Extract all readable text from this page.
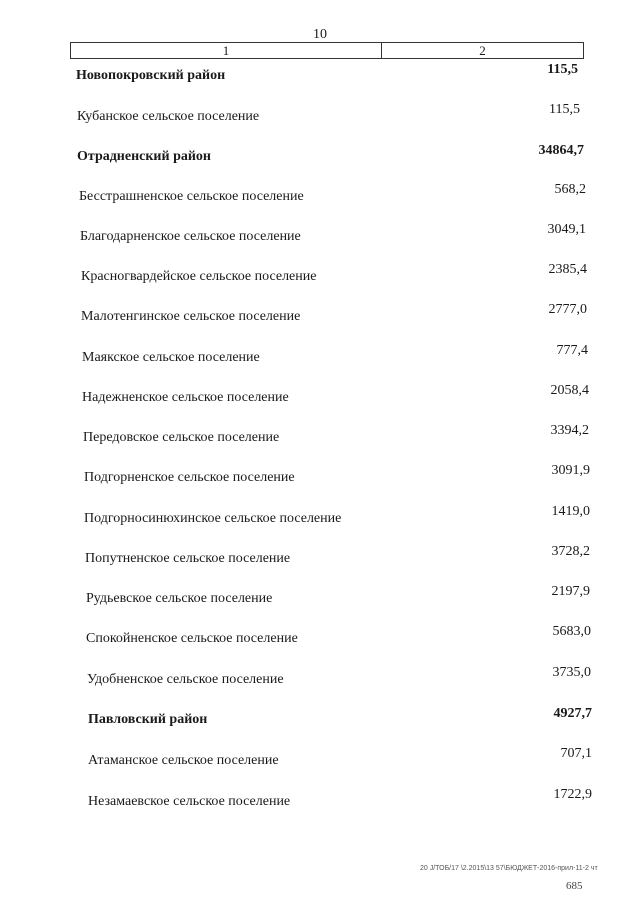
10
1	2
Новопокровский район	115,5
Кубанское сельское поселение	115,5
Отрадненский район	34864,7
Бесстрашненское сельское поселение	568,2
Благодарненское сельское поселение	3049,1
Красногвардейское сельское поселение	2385,4
Малотенгинское сельское поселение	2777,0
Маякское сельское поселение	777,4
Надежненское сельское поселение	2058,4
Передовское сельское поселение	3394,2
Подгорненское сельское поселение	3091,9
Подгорносинюхинское сельское поселение	1419,0
Попутненское сельское поселение	3728,2
Рудьевское сельское поселение	2197,9
Спокойненское сельское поселение	5683,0
Удобненское сельское поселение	3735,0
Павловский район	4927,7
Атаманское сельское поселение	707,1
Незамаевское сельское поселение	1722,9
20 J/ТОБ/17 \2.2015\13 57\БЮДЖЕТ-2016-прил-11-2 чт
685
